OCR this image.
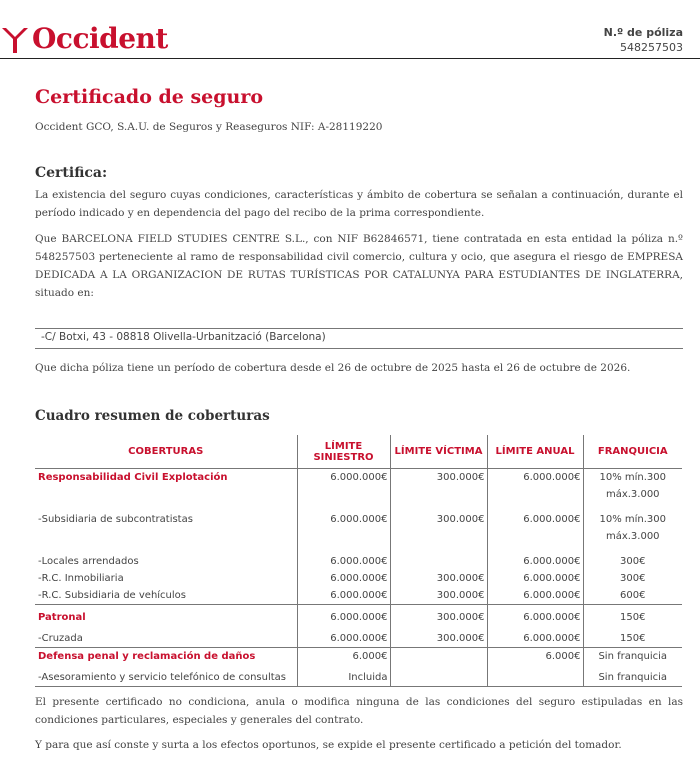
Occident	N.º de póliza
548257503
Certificado de seguro
Occident GCO, S.A.U. de Seguros y Reaseguros NIF: A-28119220
Certifica:
La existencia del seguro cuyas condiciones, características y ámbito de cobertura se señalan a continuación, durante el período indicado y en dependencia del pago del recibo de la prima correspondiente.
Que BARCELONA FIELD STUDIES CENTRE S.L., con NIF B62846571, tiene contratada en esta entidad la póliza n.º 548257503 perteneciente al ramo de responsabilidad civil comercio, cultura y ocio, que asegura el riesgo de EMPRESA DEDICADA A LA ORGANIZACION DE RUTAS TURÍSTICAS POR CATALUNYA PARA ESTUDIANTES DE INGLATERRA, situado en:
-C/ Botxi, 43 - 08818 Olivella-Urbanització (Barcelona)
Que dicha póliza tiene un período de cobertura desde el 26 de octubre de 2025 hasta el 26 de octubre de 2026.
Cuadro resumen de coberturas
COBERTURAS	LÍMITE SINIESTRO	LÍMITE VÍCTIMA	LÍMITE ANUAL	FRANQUICIA
Responsabilidad Civil Explotación	6.000.000€	300.000€	6.000.000€	10% mín.300 máx.3.000
-Subsidiaria de subcontratistas	6.000.000€	300.000€	6.000.000€	10% mín.300 máx.3.000
-Locales arrendados	6.000.000€		6.000.000€	300€
-R.C. Inmobiliaria	6.000.000€	300.000€	6.000.000€	300€
-R.C. Subsidiaria de vehículos	6.000.000€	300.000€	6.000.000€	600€
Patronal	6.000.000€	300.000€	6.000.000€	150€
-Cruzada	6.000.000€	300.000€	6.000.000€	150€
Defensa penal y reclamación de daños	6.000€		6.000€	Sin franquicia
-Asesoramiento y servicio telefónico de consultas	Incluida			Sin franquicia
El presente certificado no condiciona, anula o modifica ninguna de las condiciones del seguro estipuladas en las condiciones particulares, especiales y generales del contrato.
Y para que así conste y surta a los efectos oportunos, se expide el presente certificado a petición del tomador.
